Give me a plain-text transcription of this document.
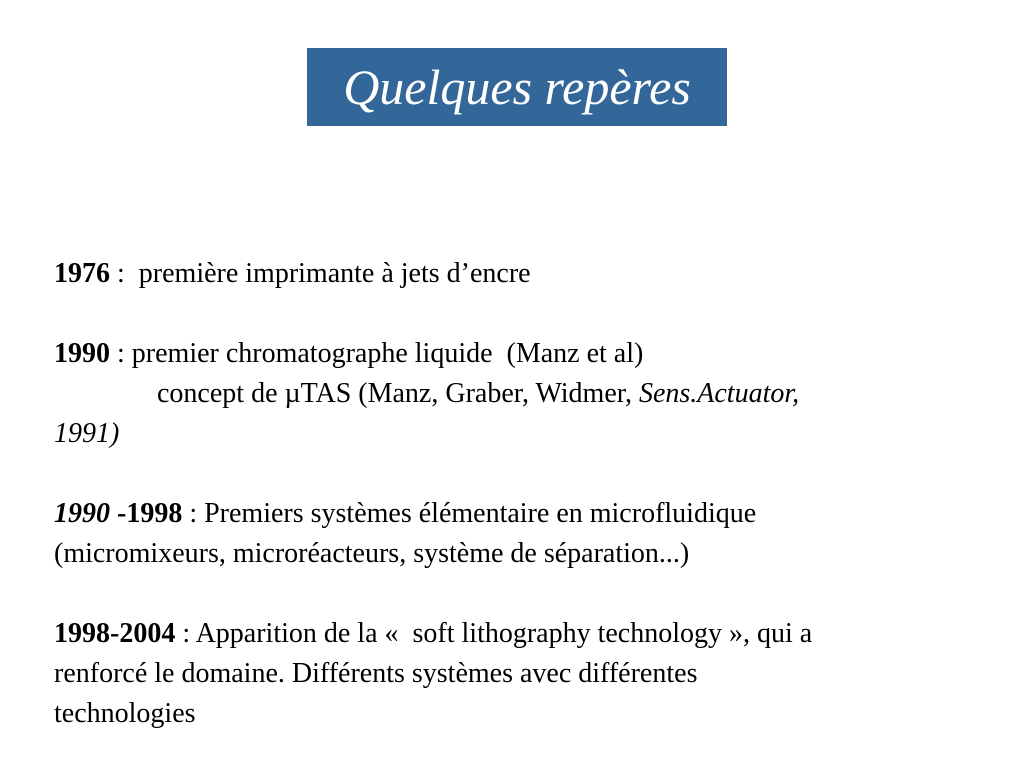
Quelques repères
1976 :  première imprimante à jets d’encre
1990 : premier chromatographe liquide  (Manz et al)
concept de µTAS (Manz, Graber, Widmer, Sens.Actuator,
1991)
1990 -1998 : Premiers systèmes élémentaire en microfluidique
(micromixeurs, microréacteurs, système de séparation...)
1998-2004 : Apparition de la «  soft lithography technology », qui a
renforcé le domaine. Différents systèmes avec différentes
technologies
